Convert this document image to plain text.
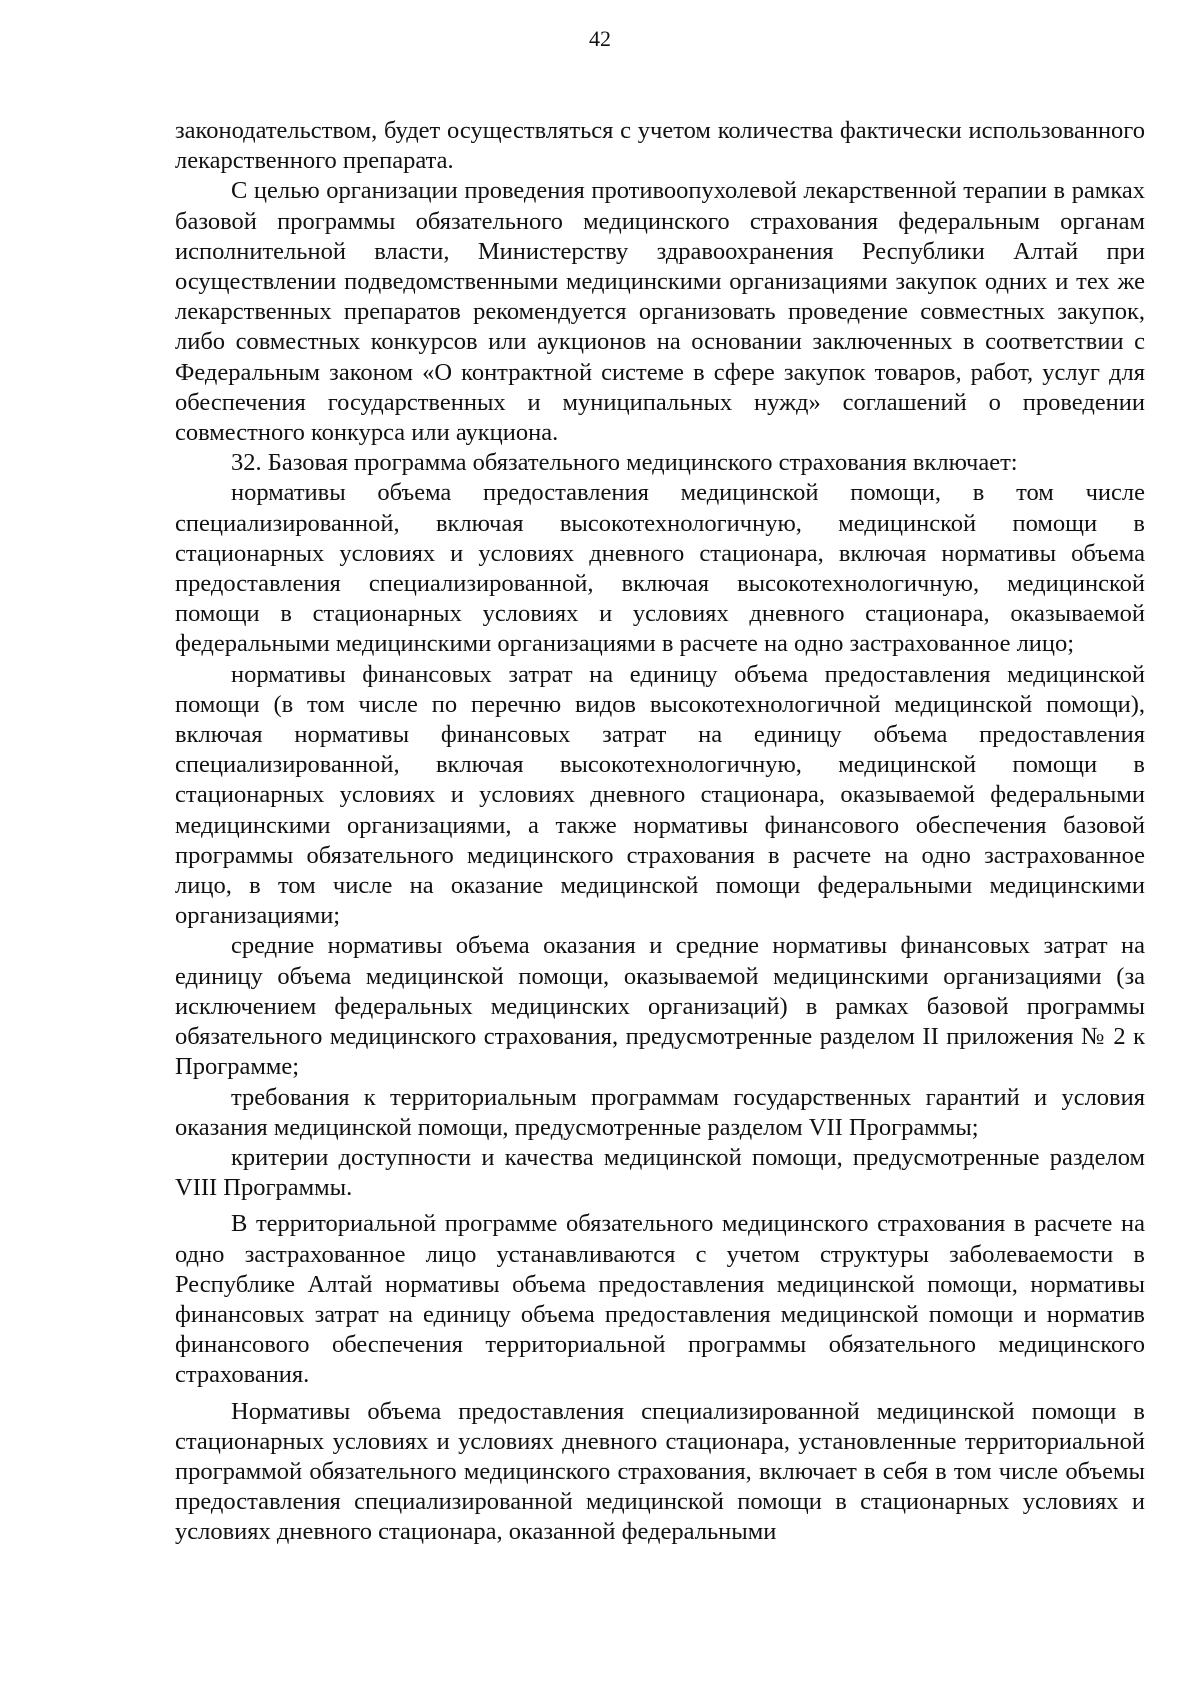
42

законодательством, будет осуществляться с учетом количества фактически использованного лекарственного препарата.

С целью организации проведения противоопухолевой лекарственной терапии в рамках базовой программы обязательного медицинского страхования федеральным органам исполнительной власти, Министерству здравоохранения Республики Алтай при осуществлении подведомственными медицинскими организациями закупок одних и тех же лекарственных препаратов рекомендуется организовать проведение совместных закупок, либо совместных конкурсов или аукционов на основании заключенных в соответствии с Федеральным законом «О контрактной системе в сфере закупок товаров, работ, услуг для обеспечения государственных и муниципальных нужд» соглашений о проведении совместного конкурса или аукциона.

32. Базовая программа обязательного медицинского страхования включает:

нормативы объема предоставления медицинской помощи, в том числе специализированной, включая высокотехнологичную, медицинской помощи в стационарных условиях и условиях дневного стационара, включая нормативы объема предоставления специализированной, включая высокотехнологичную, медицинской помощи в стационарных условиях и условиях дневного стационара, оказываемой федеральными медицинскими организациями в расчете на одно застрахованное лицо;

нормативы финансовых затрат на единицу объема предоставления медицинской помощи (в том числе по перечню видов высокотехнологичной медицинской помощи), включая нормативы финансовых затрат на единицу объема предоставления специализированной, включая высокотехнологичную, медицинской помощи в стационарных условиях и условиях дневного стационара, оказываемой федеральными медицинскими организациями, а также нормативы финансового обеспечения базовой программы обязательного медицинского страхования в расчете на одно застрахованное лицо, в том числе на оказание медицинской помощи федеральными медицинскими организациями;

средние нормативы объема оказания и средние нормативы финансовых затрат на единицу объема медицинской помощи, оказываемой медицинскими организациями (за исключением федеральных медицинских организаций) в рамках базовой программы обязательного медицинского страхования, предусмотренные разделом II приложения № 2 к Программе;

требования к территориальным программам государственных гарантий и условия оказания медицинской помощи, предусмотренные разделом VII Программы;

критерии доступности и качества медицинской помощи, предусмотренные разделом VIII Программы.

В территориальной программе обязательного медицинского страхования в расчете на одно застрахованное лицо устанавливаются с учетом структуры заболеваемости в Республике Алтай нормативы объема предоставления медицинской помощи, нормативы финансовых затрат на единицу объема предоставления медицинской помощи и норматив финансового обеспечения территориальной программы обязательного медицинского страхования.

Нормативы объема предоставления специализированной медицинской помощи в стационарных условиях и условиях дневного стационара, установленные территориальной программой обязательного медицинского страхования, включает в себя в том числе объемы предоставления специализированной медицинской помощи в стационарных условиях и условиях дневного стационара, оказанной федеральными
